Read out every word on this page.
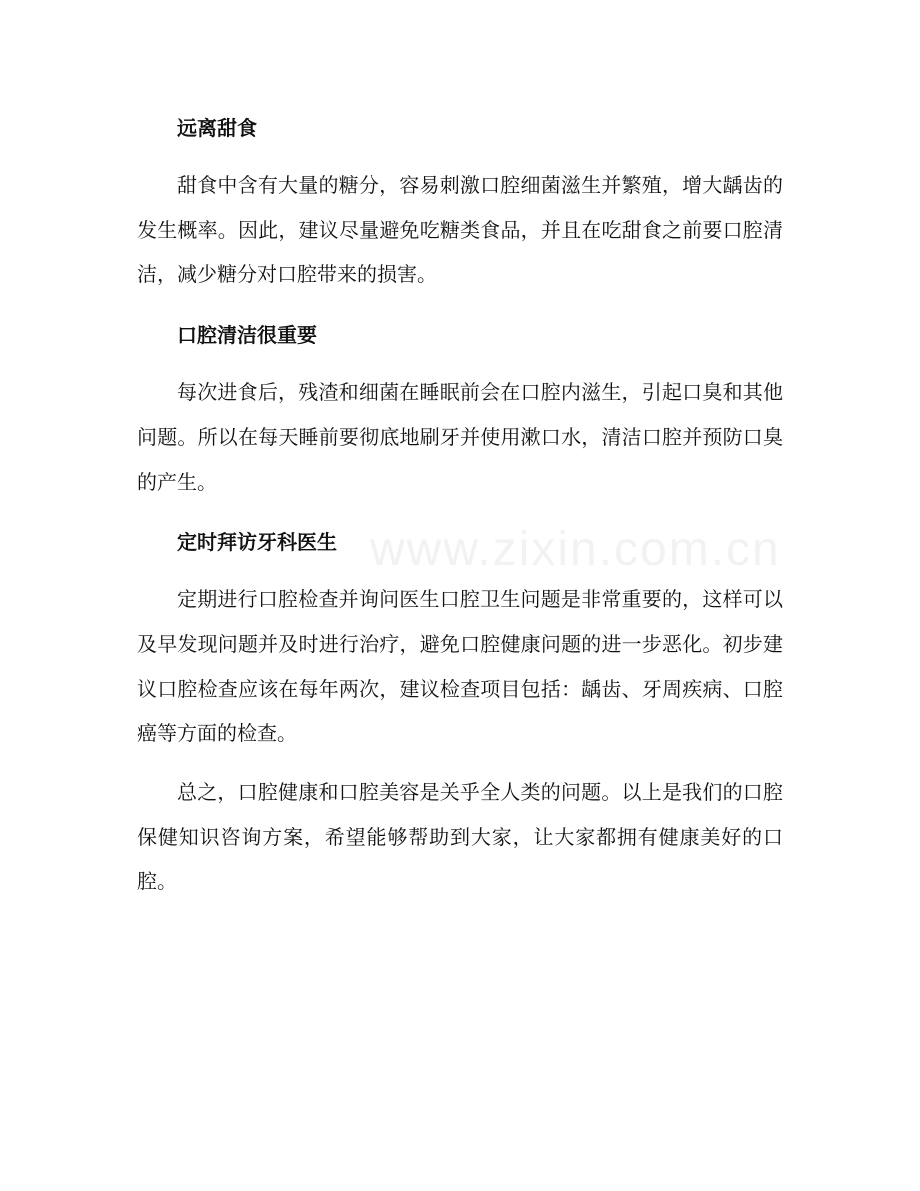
www.zixin.com.cn
远离甜食

甜食中含有大量的糖分，容易刺激口腔细菌滋生并繁殖，增大龋齿的发生概率。因此，建议尽量避免吃糖类食品，并且在吃甜食之前要口腔清洁，减少糖分对口腔带来的损害。

口腔清洁很重要

每次进食后，残渣和细菌在睡眠前会在口腔内滋生，引起口臭和其他问题。所以在每天睡前要彻底地刷牙并使用漱口水，清洁口腔并预防口臭的产生。

定时拜访牙科医生

定期进行口腔检查并询问医生口腔卫生问题是非常重要的，这样可以及早发现问题并及时进行治疗，避免口腔健康问题的进一步恶化。初步建议口腔检查应该在每年两次，建议检查项目包括：龋齿、牙周疾病、口腔癌等方面的检查。

总之，口腔健康和口腔美容是关乎全人类的问题。以上是我们的口腔保健知识咨询方案，希望能够帮助到大家，让大家都拥有健康美好的口腔。
